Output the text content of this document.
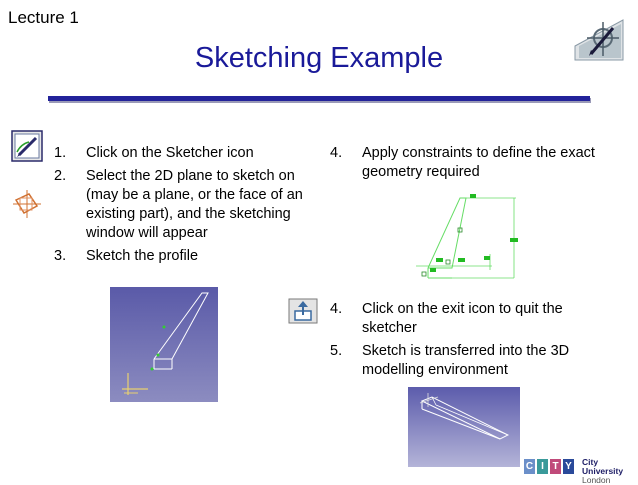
Lecture 1
Sketching Example
1. Click on the Sketcher icon
2. Select the 2D plane to sketch on (may be a plane, or the face of an existing part), and the sketching window will appear
3. Sketch the profile
4. Apply constraints to define the exact geometry required
4. Click on the exit icon to quit the sketcher
5. Sketch is transferred into the 3D modelling environment
C I T Y City University
London
